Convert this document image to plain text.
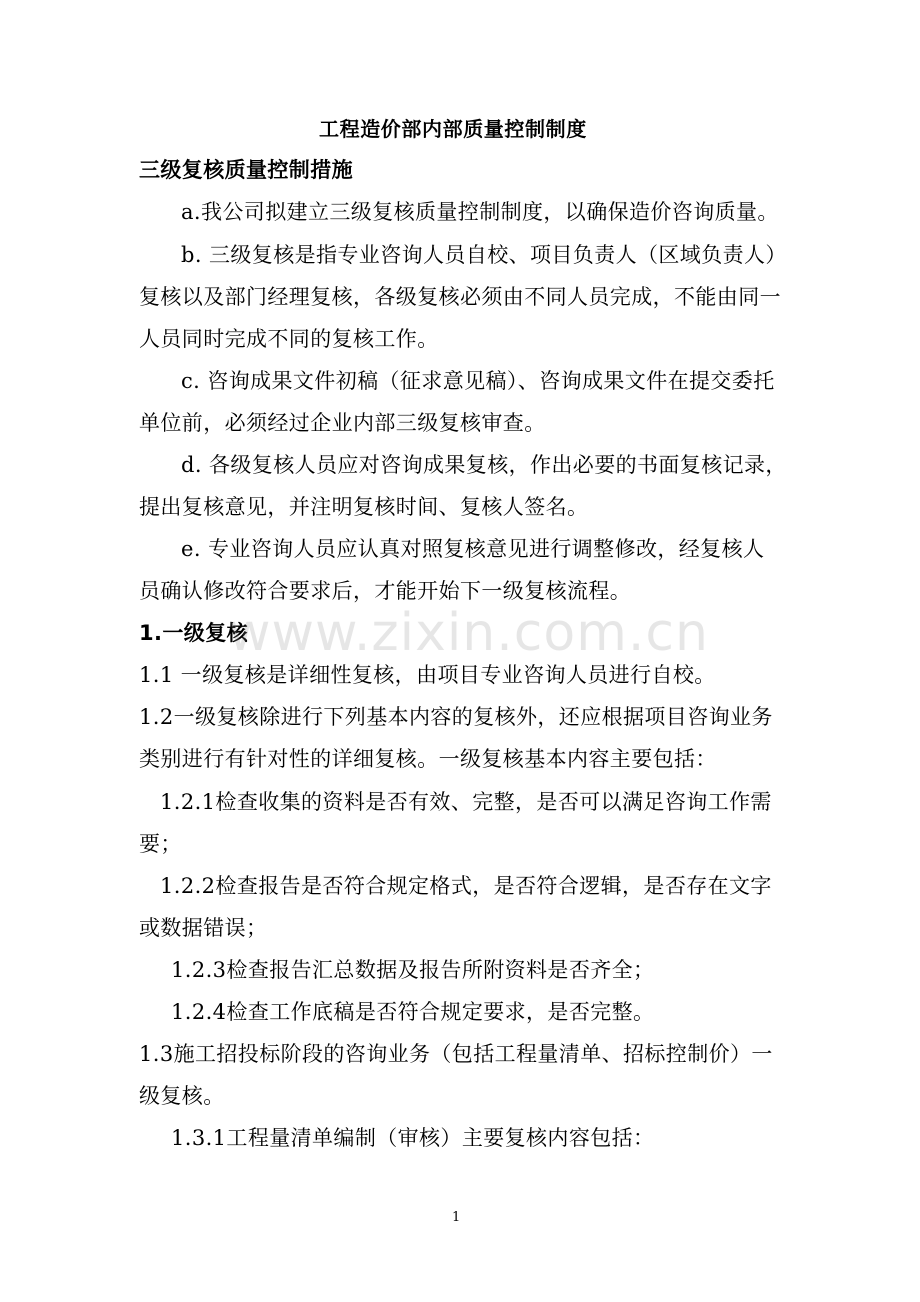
工程造价部内部质量控制制度
三级复核质量控制措施
a.我公司拟建立三级复核质量控制制度，以确保造价咨询质量。
b. 三级复核是指专业咨询人员自校、项目负责人（区域负责人）
复核以及部门经理复核，各级复核必须由不同人员完成，不能由同一
人员同时完成不同的复核工作。
c. 咨询成果文件初稿（征求意见稿）、咨询成果文件在提交委托
单位前，必须经过企业内部三级复核审查。
d. 各级复核人员应对咨询成果复核，作出必要的书面复核记录，
提出复核意见，并注明复核时间、复核人签名。
e. 专业咨询人员应认真对照复核意见进行调整修改，经复核人
员确认修改符合要求后，才能开始下一级复核流程。
1.一级复核
1.1 一级复核是详细性复核，由项目专业咨询人员进行自校。
1.2一级复核除进行下列基本内容的复核外，还应根据项目咨询业务
类别进行有针对性的详细复核。一级复核基本内容主要包括：
1.2.1检查收集的资料是否有效、完整，是否可以满足咨询工作需
要；
1.2.2检查报告是否符合规定格式，是否符合逻辑，是否存在文字
或数据错误；
1.2.3检查报告汇总数据及报告所附资料是否齐全；
1.2.4检查工作底稿是否符合规定要求，是否完整。
1.3施工招投标阶段的咨询业务（包括工程量清单、招标控制价）一
级复核。
1.3.1工程量清单编制（审核）主要复核内容包括：
www.zixin.com.cn
1
